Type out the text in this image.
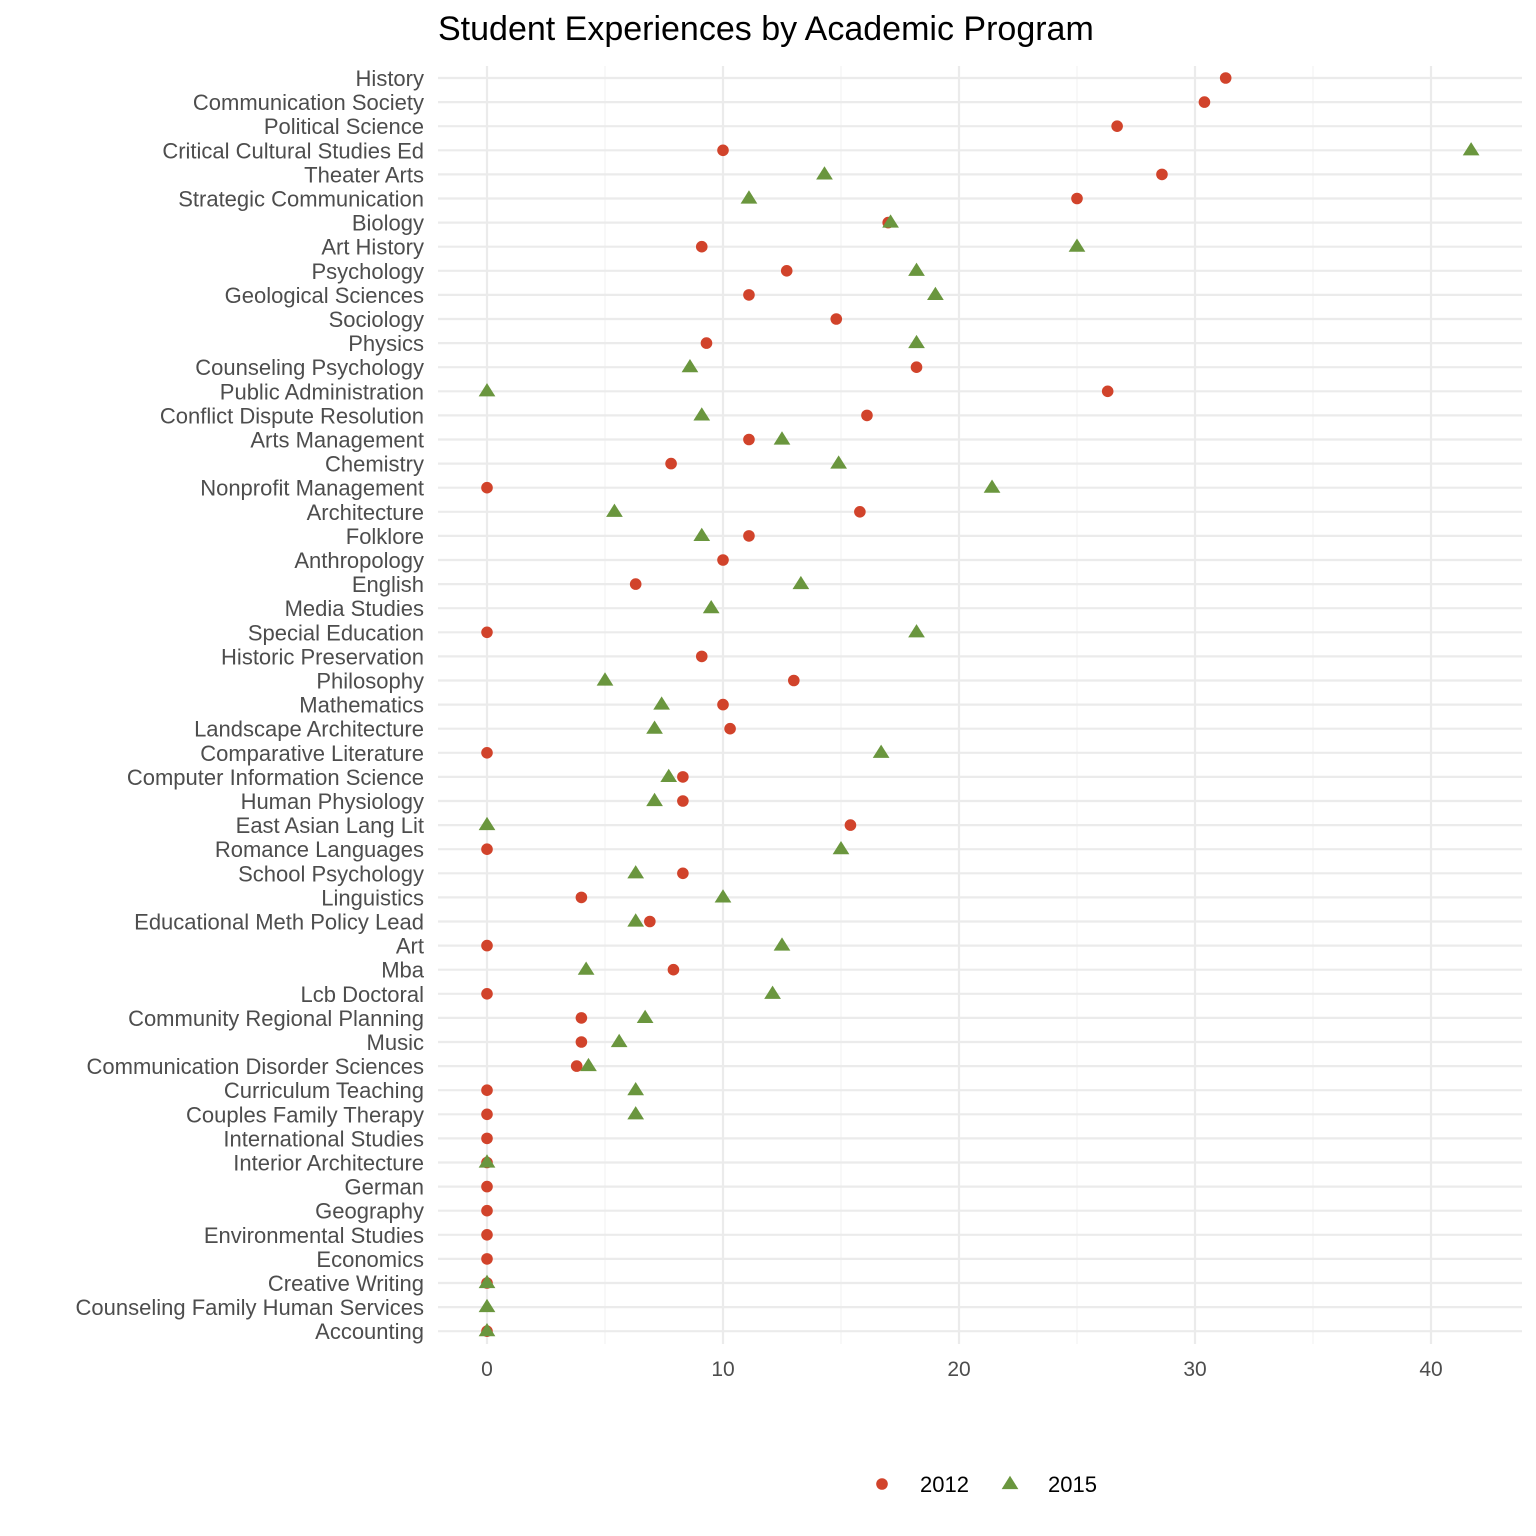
0	10	20	30	40
History
Communication Society
Political Science
Critical Cultural Studies Ed
Theater Arts
Strategic Communication
Biology
Art History
Psychology
Geological Sciences
Sociology
Physics
Counseling Psychology
Public Administration
Conflict Dispute Resolution
Arts Management
Chemistry
Nonprofit Management
Architecture
Folklore
Anthropology
English
Media Studies
Special Education
Historic Preservation
Philosophy
Mathematics
Landscape Architecture
Comparative Literature
Computer Information Science
Human Physiology
East Asian Lang Lit
Romance Languages
School Psychology
Linguistics
Educational Meth Policy Lead
Art
Mba
Lcb Doctoral
Community Regional Planning
Music
Communication Disorder Sciences
Curriculum Teaching
Couples Family Therapy
International Studies
Interior Architecture
German
Geography
Environmental Studies
Economics
Creative Writing
Counseling Family Human Services
Accounting
Student Experiences by Academic Program
2012	2015
